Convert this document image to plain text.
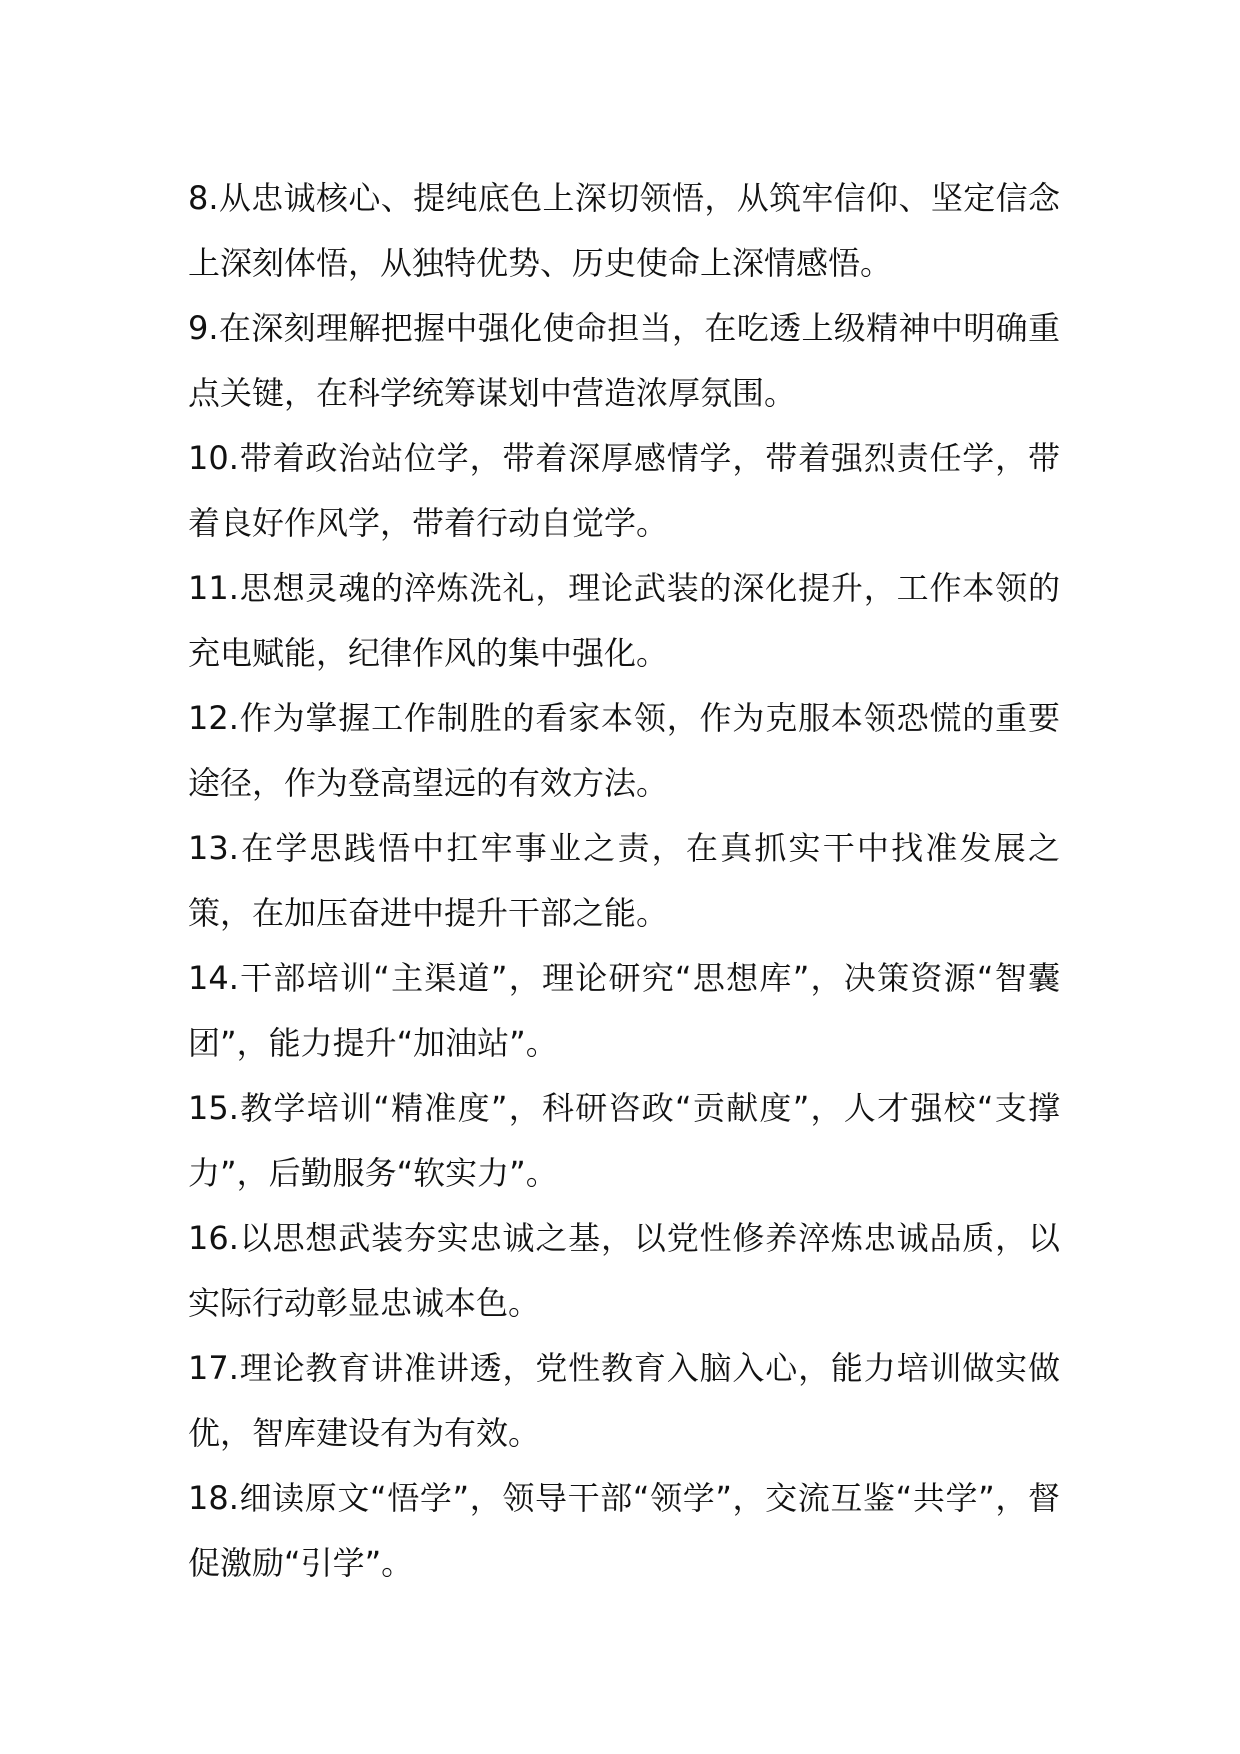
8.从忠诚核心、提纯底色上深切领悟，从筑牢信仰、坚定信念上深刻体悟，从独特优势、历史使命上深情感悟。

9.在深刻理解把握中强化使命担当，在吃透上级精神中明确重点关键，在科学统筹谋划中营造浓厚氛围。

10.带着政治站位学，带着深厚感情学，带着强烈责任学，带着良好作风学，带着行动自觉学。

11.思想灵魂的淬炼洗礼，理论武装的深化提升，工作本领的充电赋能，纪律作风的集中强化。

12.作为掌握工作制胜的看家本领，作为克服本领恐慌的重要途径，作为登高望远的有效方法。

13.在学思践悟中扛牢事业之责，在真抓实干中找准发展之策，在加压奋进中提升干部之能。

14.干部培训“主渠道”，理论研究“思想库”，决策资源“智囊团”，能力提升“加油站”。

15.教学培训“精准度”，科研咨政“贡献度”，人才强校“支撑力”，后勤服务“软实力”。

16.以思想武装夯实忠诚之基，以党性修养淬炼忠诚品质，以实际行动彰显忠诚本色。

17.理论教育讲准讲透，党性教育入脑入心，能力培训做实做优，智库建设有为有效。

18.细读原文“悟学”，领导干部“领学”，交流互鉴“共学”，督促激励“引学”。
